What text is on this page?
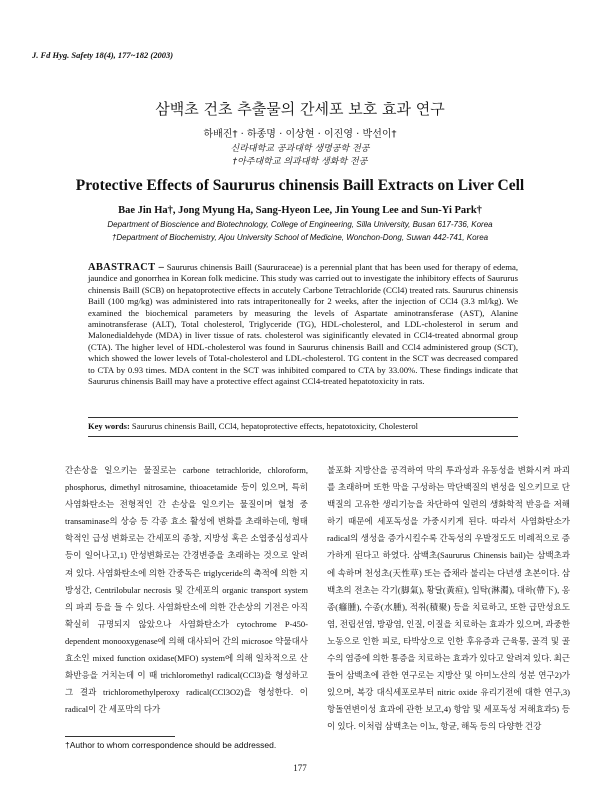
J. Fd Hyg. Safety 18(4), 177~182 (2003)
삼백초 건초 추출물의 간세포 보호 효과 연구
하배진† · 하종명 · 이상현 · 이진영 · 박선이†
신라대학교 공과대학 생명공학 전공
†아주대학교 의과대학 생화학 전공
Protective Effects of Saururus chinensis Baill Extracts on Liver Cell
Bae Jin Ha†, Jong Myung Ha, Sang-Hyeon Lee, Jin Young Lee and Sun-Yi Park†
Department of Bioscience and Biotechnology, College of Engineering, Silla University, Busan 617-736, Korea
†Department of Biochemistry, Ajou University School of Medicine, Wonchon-Dong, Suwan 442-741, Korea
ABASTRACT – Saururus chinensis Baill (Saururaceae) is a perennial plant that has been used for therapy of edema, jaundice and gonorrhea in Korean folk medicine. This study was carried out to investigate the inhibitory effects of Saururus chinensis Baill (SCB) on hepatoprotective effects in accutely Carbone Tetrachloride (CCl4) treated rats. Saururus chinensis Baill (100 mg/kg) was administered into rats intraperitoneally for 2 weeks, after the injection of CCl4 (3.3 ml/kg). We examined the biochemical parameters by measuring the levels of Aspartate aminotransferase (AST), Alanine aminotransferase (ALT), Total cholesterol, Triglyceride (TG), HDL-cholesterol, and LDL-cholesterol in serum and Malonedialdehyde (MDA) in liver tissue of rats. cholesterol was siginificantly elevated in CCl4-treated abnormal group (CTA). The higher level of HDL-cholesterol was found in Saururus chinensis Baill and CCl4 administered group (SCT), which showed the lower levels of Total-cholesterol and LDL-cholesterol. TG content in the SCT was decreased compared to CTA by 0.93 times. MDA content in the SCT was inhibited compared to CTA by 33.00%. These findings indicate that Saururus chinensis Baill may have a protective effect against CCl4-treated hepatotoxicity in rats.
Key words: Saururus chinensis Baill, CCl4, hepatoprotective effects, hepatotoxicity, Cholesterol
간손상을 일으키는 물질로는 carbone tetrachloride, chloroform, phosphorus, dimethyl nitrosamine, thioacetamide 등이 있으며, 특히 사염화탄소는 전형적인 간 손상을 일으키는 물질이며 혈청 중 transaminase의 상승 등 각종 효소 활성에 변화를 초래하는데, 형태학적인 급성 변화로는 간세포의 종창, 지방성 혹은 소엽중심성괴사 등이 일어나고,1) 만성변화로는 간경변증을 초래하는 것으로 알려져 있다. 사염화탄소에 의한 간중독은 triglyceride의 축적에 의한 지방성간, Centrilobular necrosis 및 간세포의 organic transport system의 파괴 등을 들 수 있다. 사염화탄소에 의한 간손상의 기전은 아직 확실히 규명되지 않았으나 사염화탄소가 cytochrome P-450-dependent monooxygenase에 의해 대사되어 간의 microsoe 약물대사 효소인 mixed function oxidase(MFO) system에 의해 일차적으로 산화반응을 거치는데 이 때 trichloromethyl radical(CCl3)을 형성하고 그 결과 trichloromethylperoxy radical(CCl3O2)을 형성한다. 이 radical이 간 세포막의 다가
불포화 지방산을 공격하여 막의 투과성과 유동성을 변화시켜 파괴를 초래하며 또한 막을 구성하는 막단백질의 변성을 일으키므로 단백질의 고유한 생리기능을 차단하여 일련의 생화학적 반응을 저해하기 때문에 세포독성을 가중시키게 된다. 따라서 사염화탄소가 radical의 생성을 증가시킬수록 간독성의 우발정도도 비례적으로 증가하게 된다고 하였다. 삼백초(Saururus Chinensis bail)는 삼백초과에 속하며 천성초(天性草) 또는 즙채라 불리는 다년생 초본이다. 삼백초의 전초는 각기(脚氣), 황달(黃疸), 임탁(淋濁), 대하(帶下), 옹종(癰腫), 수종(水腫), 적취(積聚) 등을 치료하고, 또한 급만성요도염, 전립선염, 방광염, 인질, 이질을 치료하는 효과가 있으며, 과중한 노동으로 인한 피로, 타박상으로 인한 후유증과 근육통, 골격 및 골수의 염증에 의한 통증을 치료하는 효과가 있다고 알려져 있다. 최근 들어 삼백초에 관한 연구로는 지방산 및 아미노산의 성분 연구2)가 있으며, 복강 대식세포로부터 nitric oxide 유리기전에 대한 연구,3) 항돌연변이성 효과에 관한 보고,4) 항암 및 세포독성 저해효과5) 등이 있다. 이처럼 삼백초는 이뇨, 항균, 해독 등의 다양한 건강
†Author to whom correspondence should be addressed.
177
